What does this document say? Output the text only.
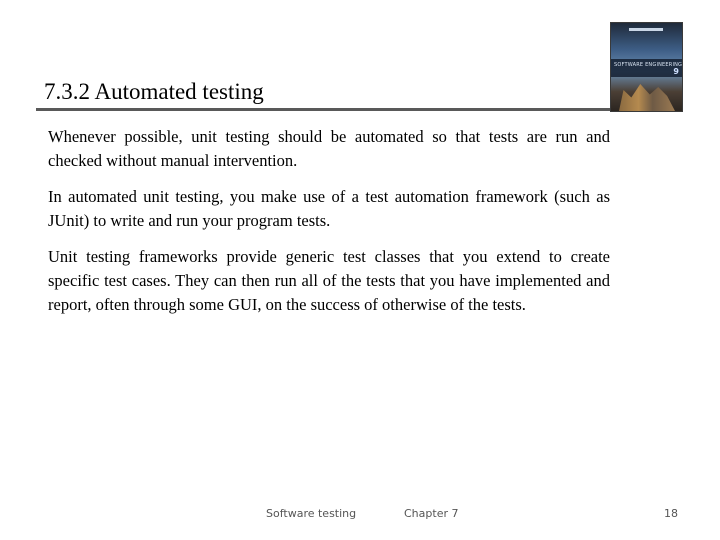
7.3.2 Automated testing
SOFTWARE ENGINEERING
9

Whenever possible, unit testing should be automated so that tests are run and checked without manual intervention.

In automated unit testing, you make use of a test automation framework (such as JUnit) to write and run your program tests.

Unit testing frameworks provide generic test classes that you extend to create specific test cases. They can then run all of the tests that you have implemented and report, often through some GUI, on the success of otherwise of the tests.

Software testing	Chapter 7	18
